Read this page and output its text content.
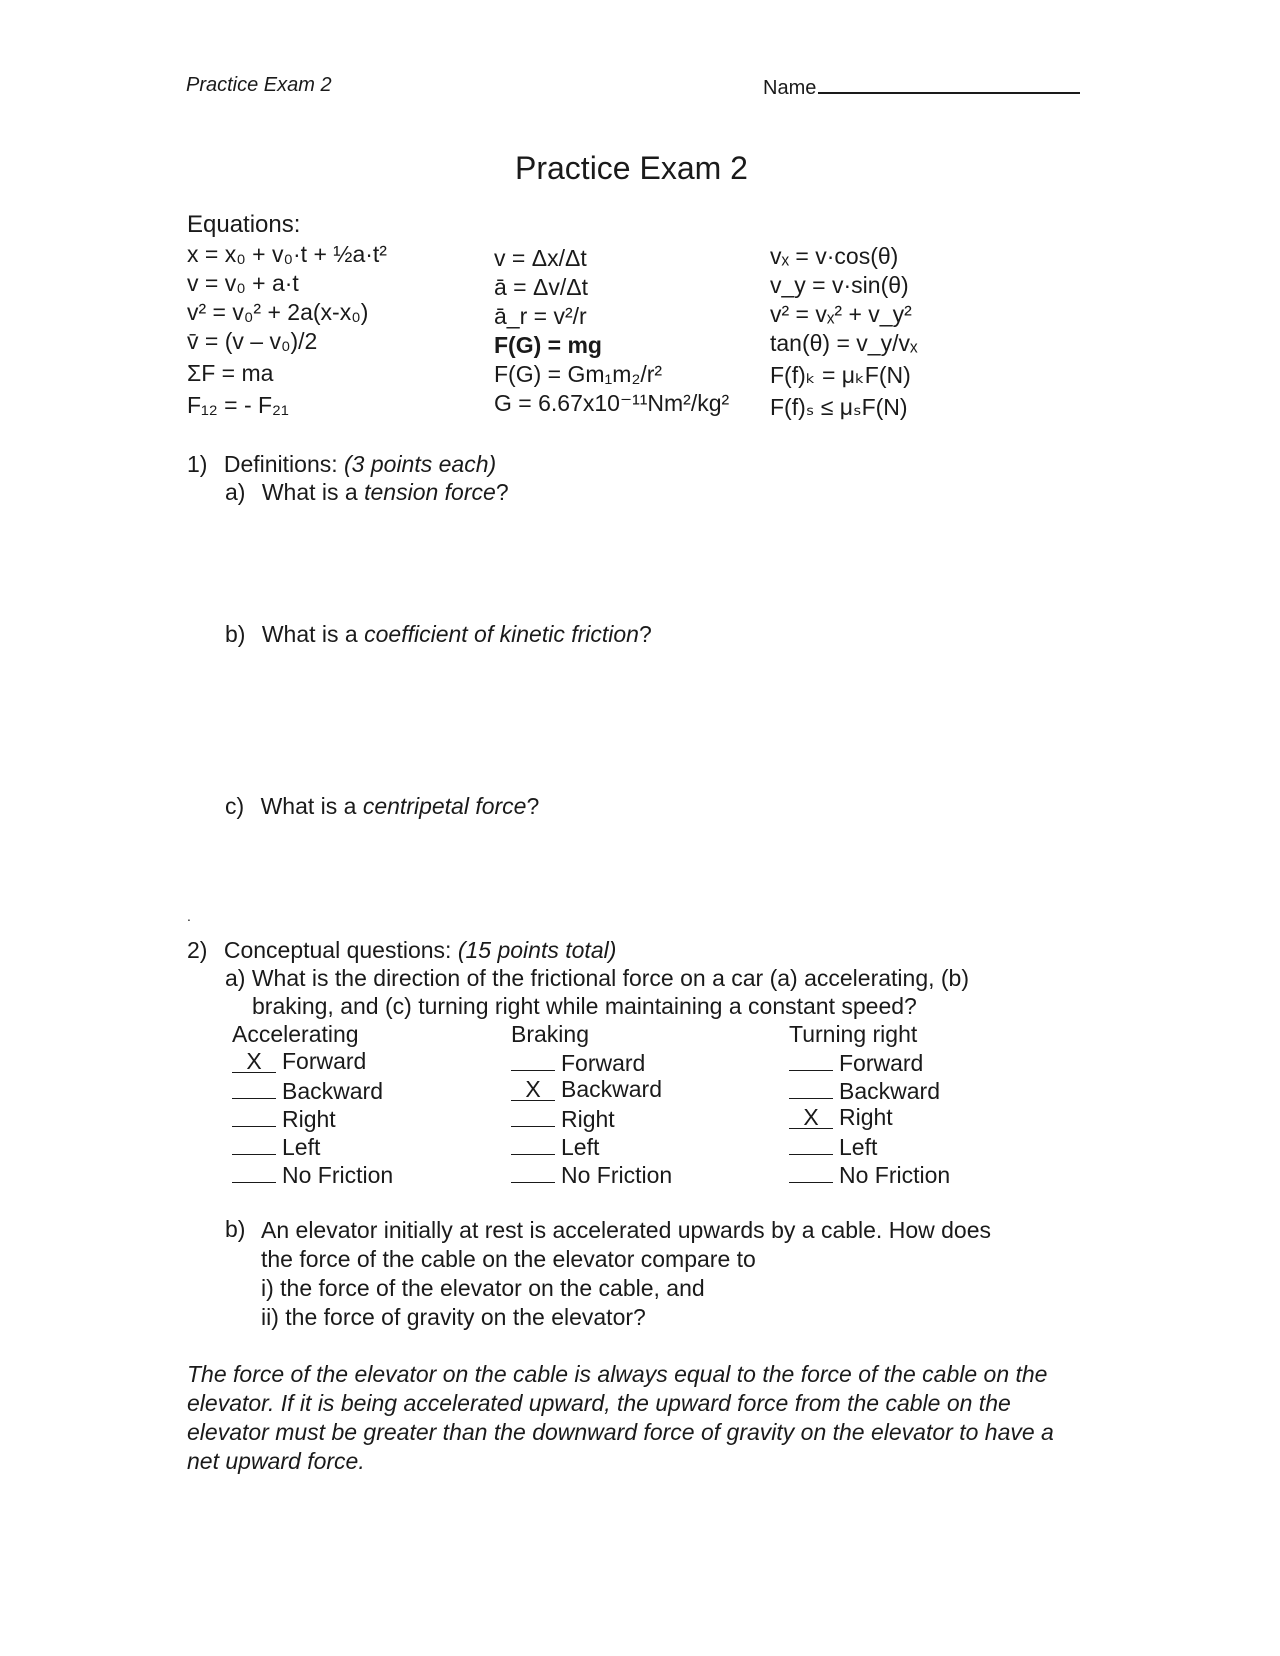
Practice Exam 2	Name
Practice Exam 2
Equations:
x = x₀ + v₀·t + ½a·t²
v = v₀ + a·t
v² = v₀² + 2a(x-x₀)
v̄ = (v – v₀)/2
ΣF = ma
F₁₂ = - F₂₁
v = Δx/Δt
ā = Δv/Δt
ā_r = v²/r
F(G) = mg
F(G) = Gm₁m₂/r²
G = 6.67x10⁻¹¹Nm²/kg²
vₓ = v·cos(θ)
v_y = v·sin(θ)
v² = vₓ² + v_y²
tan(θ) = v_y/vₓ
F(f)ₖ = μₖF(N)
F(f)ₛ ≤ μₛF(N)
1) Definitions: (3 points each)
a) What is a tension force?
b) What is a coefficient of kinetic friction?
c) What is a centripetal force?
.
2) Conceptual questions: (15 points total)
a) What is the direction of the frictional force on a car (a) accelerating, (b)
braking, and (c) turning right while maintaining a constant speed?
Accelerating
X Forward
Backward
Right
Left
No Friction
Braking
Forward
X Backward
Right
Left
No Friction
Turning right
Forward
Backward
X Right
Left
No Friction
b) An elevator initially at rest is accelerated upwards by a cable. How does
the force of the cable on the elevator compare to
i) the force of the elevator on the cable, and
ii) the force of gravity on the elevator?
The force of the elevator on the cable is always equal to the force of the cable on the elevator. If it is being accelerated upward, the upward force from the cable on the elevator must be greater than the downward force of gravity on the elevator to have a net upward force.
